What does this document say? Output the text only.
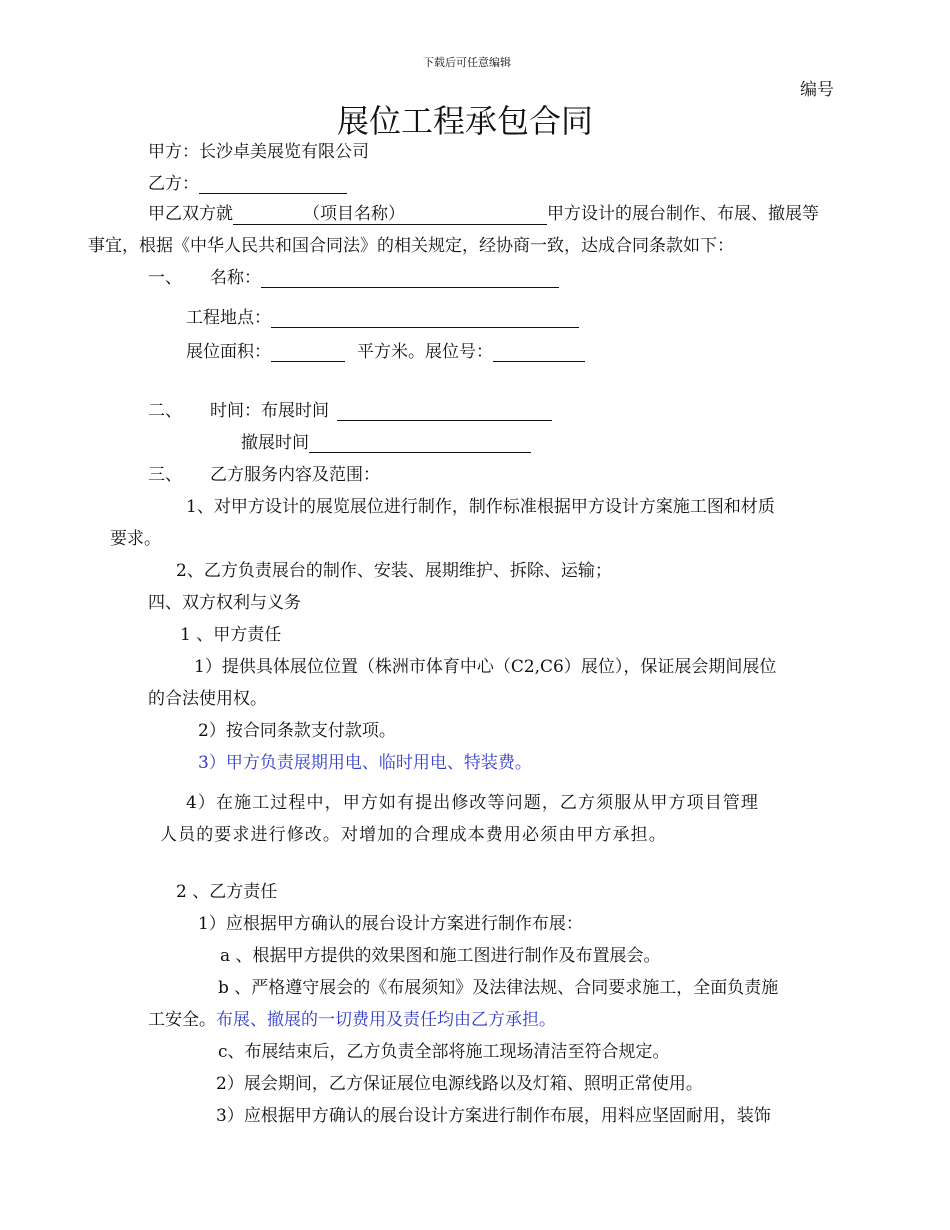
下载后可任意编辑
编号
展位工程承包合同
甲方：长沙卓美展览有限公司
乙方：
甲乙双方就	（项目名称）	甲方设计的展台制作、布展、撤展等
事宜，根据《中华人民共和国合同法》的相关规定，经协商一致，达成合同条款如下：
一、 名称：
工程地点：
展位面积：	平方米。展位号：
二、 时间：布展时间
撤展时间
三、 乙方服务内容及范围：
1、对甲方设计的展览展位进行制作，制作标准根据甲方设计方案施工图和材质
要求。
2、乙方负责展台的制作、安装、展期维护、拆除、运输；
四、双方权利与义务
1 、甲方责任
1）提供具体展位位置（株洲市体育中心（C2,C6）展位），保证展会期间展位
的合法使用权。
2）按合同条款支付款项。
3）甲方负责展期用电、临时用电、特装费。
4）在施工过程中，甲方如有提出修改等问题，乙方须服从甲方项目管理
人员的要求进行修改。对增加的合理成本费用必须由甲方承担。
2 、乙方责任
1）应根据甲方确认的展台设计方案进行制作布展：
a 、根据甲方提供的效果图和施工图进行制作及布置展会。
b 、严格遵守展会的《布展须知》及法律法规、合同要求施工，全面负责施
工安全。布展、撤展的一切费用及责任均由乙方承担。
c、布展结束后，乙方负责全部将施工现场清洁至符合规定。
2）展会期间，乙方保证展位电源线路以及灯箱、照明正常使用。
3）应根据甲方确认的展台设计方案进行制作布展，用料应坚固耐用，装饰
